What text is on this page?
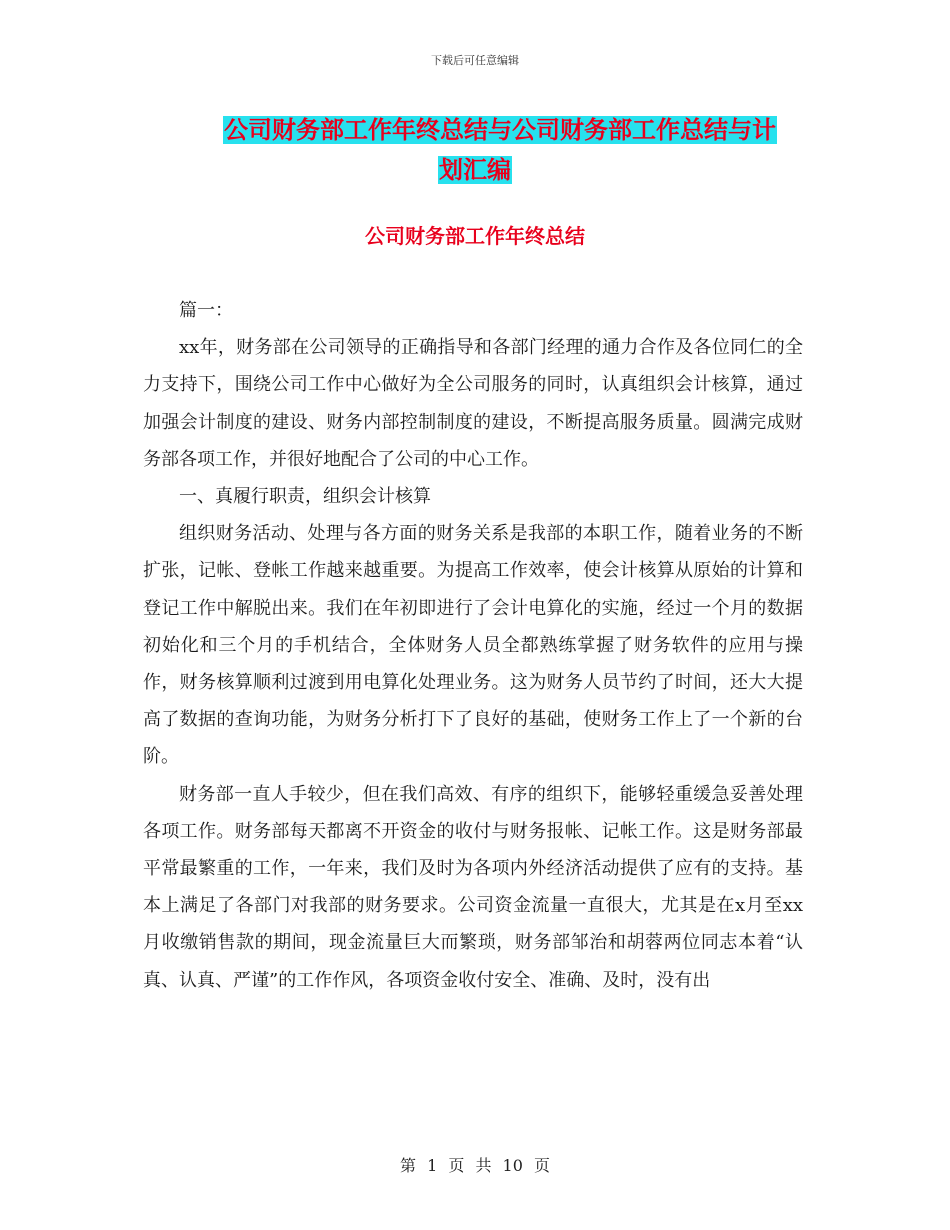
下载后可任意编辑

公司财务部工作年终总结与公司财务部工作总结与计

划汇编

公司财务部工作年终总结

篇一：

xx年，财务部在公司领导的正确指导和各部门经理的通力合作及各位同仁的全力支持下，围绕公司工作中心做好为全公司服务的同时，认真组织会计核算，通过加强会计制度的建设、财务内部控制制度的建设，不断提高服务质量。圆满完成财务部各项工作，并很好地配合了公司的中心工作。

一、真履行职责，组织会计核算

组织财务活动、处理与各方面的财务关系是我部的本职工作，随着业务的不断扩张，记帐、登帐工作越来越重要。为提高工作效率，使会计核算从原始的计算和登记工作中解脱出来。我们在年初即进行了会计电算化的实施，经过一个月的数据初始化和三个月的手机结合，全体财务人员全都熟练掌握了财务软件的应用与操作，财务核算顺利过渡到用电算化处理业务。这为财务人员节约了时间，还大大提高了数据的查询功能，为财务分析打下了良好的基础，使财务工作上了一个新的台阶。

财务部一直人手较少，但在我们高效、有序的组织下，能够轻重缓急妥善处理各项工作。财务部每天都离不开资金的收付与财务报帐、记帐工作。这是财务部最平常最繁重的工作，一年来，我们及时为各项内外经济活动提供了应有的支持。基本上满足了各部门对我部的财务要求。公司资金流量一直很大，尤其是在x月至xx月收缴销售款的期间，现金流量巨大而繁琐，财务部邹治和胡蓉两位同志本着“认真、认真、严谨”的工作作风，各项资金收付安全、准确、及时，没有出

第 1 页 共 10 页
